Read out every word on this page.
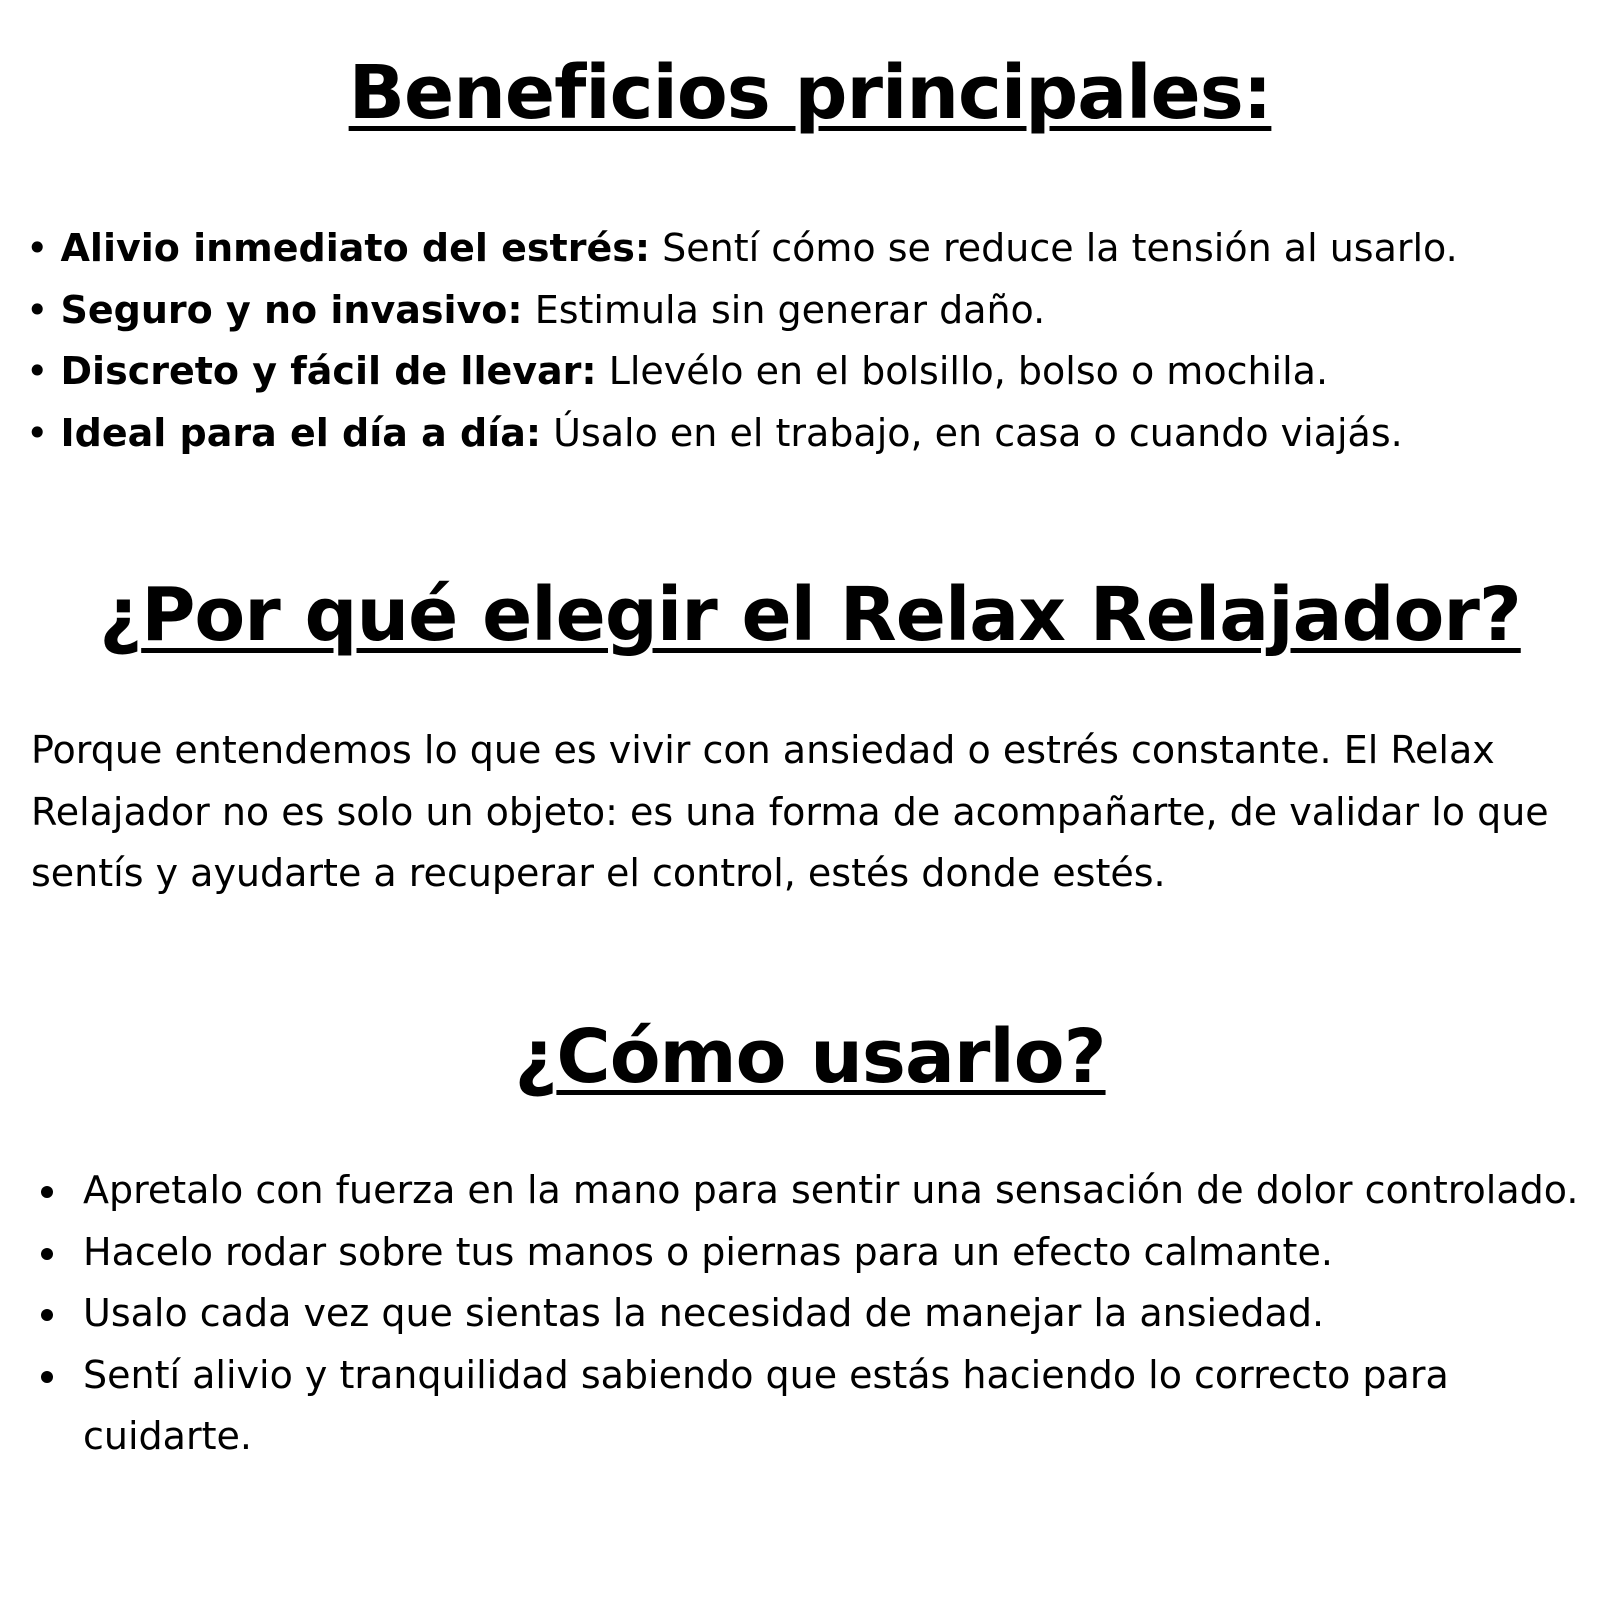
Beneficios principales:
• Alivio inmediato del estrés: Sentí cómo se reduce la tensión al usarlo.
• Seguro y no invasivo: Estimula sin generar daño.
• Discreto y fácil de llevar: Llevélo en el bolsillo, bolso o mochila.
• Ideal para el día a día: Úsalo en el trabajo, en casa o cuando viajás.
¿Por qué elegir el Relax Relajador?

Porque entendemos lo que es vivir con ansiedad o estrés constante. El Relax Relajador no es solo un objeto: es una forma de acompañarte, de validar lo que sentís y ayudarte a recuperar el control, estés donde estés.

¿Cómo usarlo?
Apretalo con fuerza en la mano para sentir una sensación de dolor controlado.
Hacelo rodar sobre tus manos o piernas para un efecto calmante.
Usalo cada vez que sientas la necesidad de manejar la ansiedad.
Sentí alivio y tranquilidad sabiendo que estás haciendo lo correcto para cuidarte.
